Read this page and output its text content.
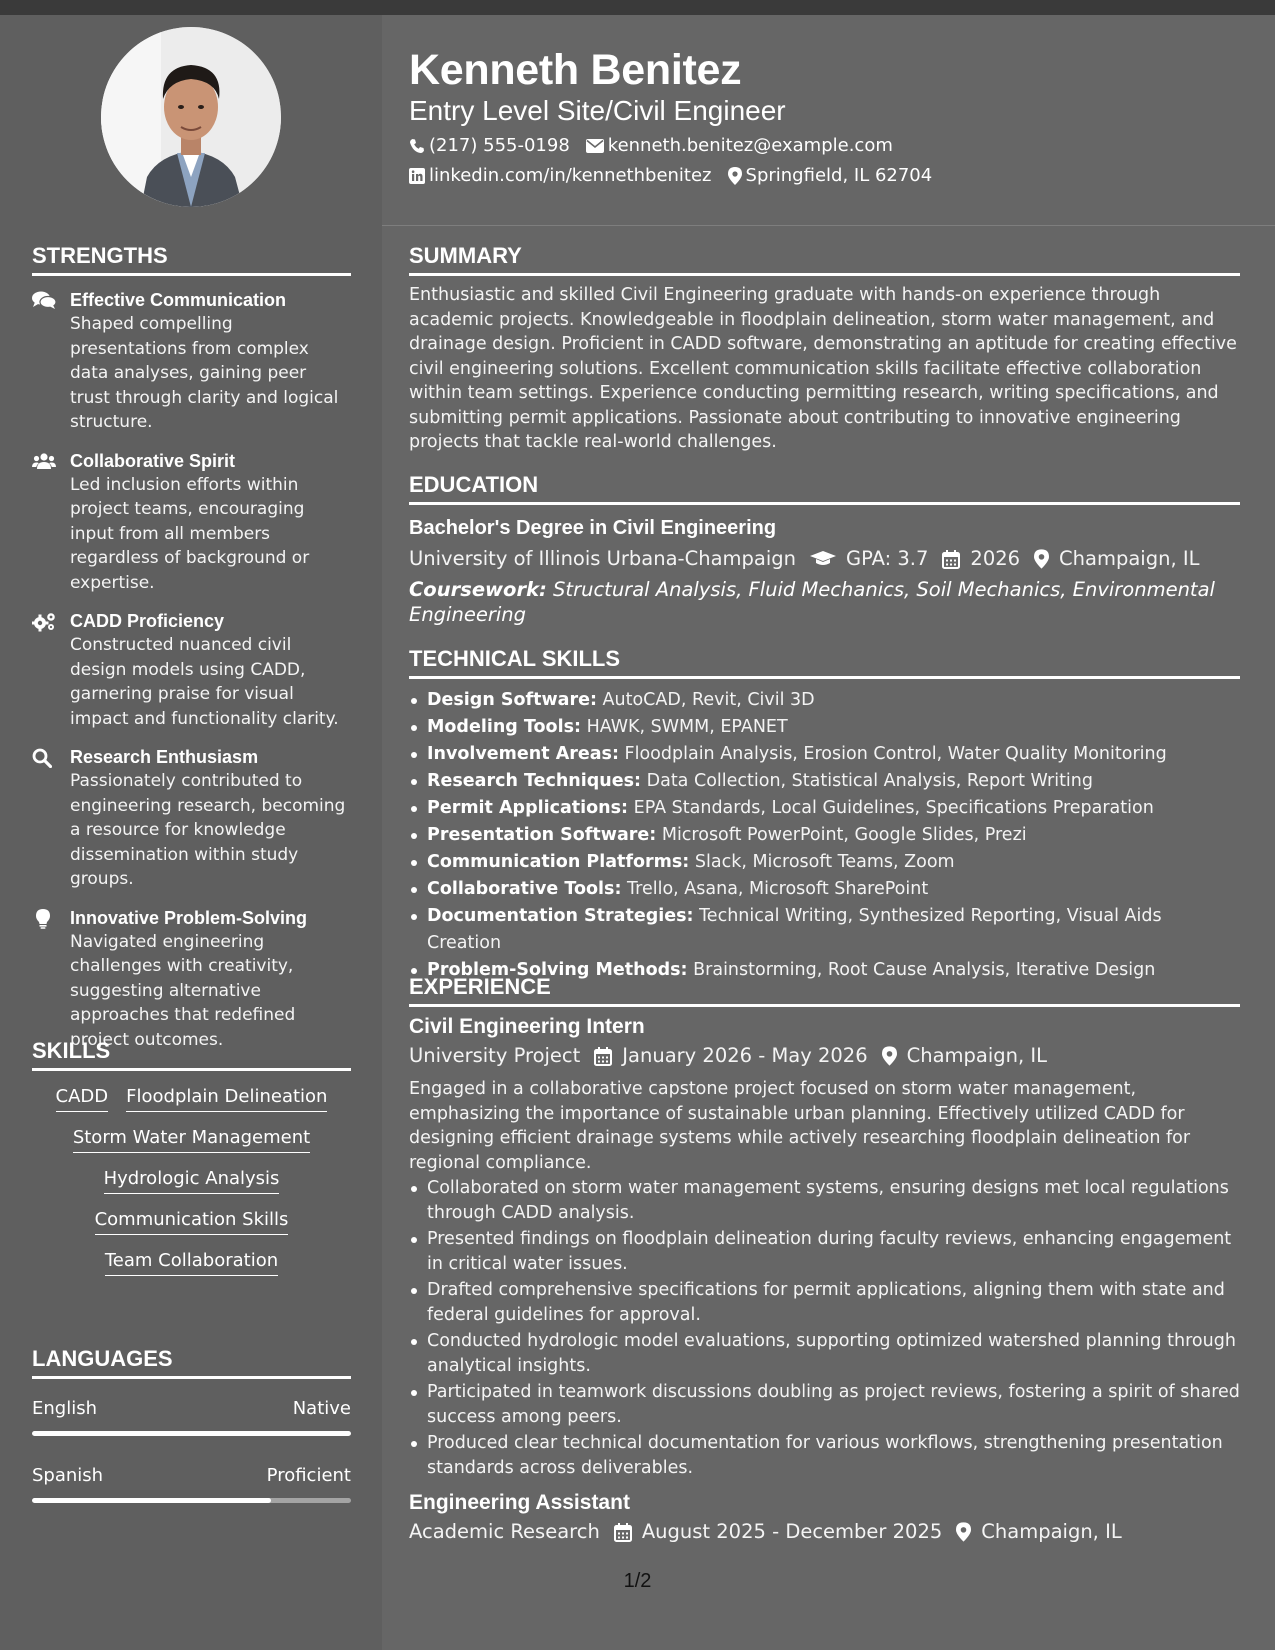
Kenneth Benitez
Entry Level Site/Civil Engineer
(217) 555-0198 kenneth.benitez@example.com
linkedin.com/in/kennethbenitez Springfield, IL 62704
STRENGTHS
Effective Communication
Shaped compelling presentations from complex data analyses, gaining peer trust through clarity and logical structure.
Collaborative Spirit
Led inclusion efforts within project teams, encouraging input from all members regardless of background or expertise.
CADD Proficiency
Constructed nuanced civil design models using CADD, garnering praise for visual impact and functionality clarity.
Research Enthusiasm
Passionately contributed to engineering research, becoming a resource for knowledge dissemination within study groups.
Innovative Problem-Solving
Navigated engineering challenges with creativity, suggesting alternative approaches that redefined project outcomes.
SKILLS
CADD Floodplain Delineation
Storm Water Management
Hydrologic Analysis
Communication Skills
Team Collaboration
LANGUAGES
English	Native
Spanish	Proficient
SUMMARY
Enthusiastic and skilled Civil Engineering graduate with hands-on experience through academic projects. Knowledgeable in floodplain delineation, storm water management, and drainage design. Proficient in CADD software, demonstrating an aptitude for creating effective civil engineering solutions. Excellent communication skills facilitate effective collaboration within team settings. Experience conducting permitting research, writing specifications, and submitting permit applications. Passionate about contributing to innovative engineering projects that tackle real-world challenges.
EDUCATION
Bachelor's Degree in Civil Engineering
University of Illinois Urbana-Champaign	GPA: 3.7 2026 Champaign, IL
Coursework: Structural Analysis, Fluid Mechanics, Soil Mechanics, Environmental Engineering
TECHNICAL SKILLS
Design Software: AutoCAD, Revit, Civil 3D
Modeling Tools: HAWK, SWMM, EPANET
Involvement Areas: Floodplain Analysis, Erosion Control, Water Quality Monitoring
Research Techniques: Data Collection, Statistical Analysis, Report Writing
Permit Applications: EPA Standards, Local Guidelines, Specifications Preparation
Presentation Software: Microsoft PowerPoint, Google Slides, Prezi
Communication Platforms: Slack, Microsoft Teams, Zoom
Collaborative Tools: Trello, Asana, Microsoft SharePoint
Documentation Strategies: Technical Writing, Synthesized Reporting, Visual Aids Creation
Problem-Solving Methods: Brainstorming, Root Cause Analysis, Iterative Design
EXPERIENCE
Civil Engineering Intern
University Project January 2026 - May 2026 Champaign, IL
Engaged in a collaborative capstone project focused on storm water management, emphasizing the importance of sustainable urban planning. Effectively utilized CADD for designing efficient drainage systems while actively researching floodplain delineation for regional compliance.
Collaborated on storm water management systems, ensuring designs met local regulations through CADD analysis.
Presented findings on floodplain delineation during faculty reviews, enhancing engagement in critical water issues.
Drafted comprehensive specifications for permit applications, aligning them with state and federal guidelines for approval.
Conducted hydrologic model evaluations, supporting optimized watershed planning through analytical insights.
Participated in teamwork discussions doubling as project reviews, fostering a spirit of shared success among peers.
Produced clear technical documentation for various workflows, strengthening presentation standards across deliverables.
Engineering Assistant
Academic Research August 2025 - December 2025 Champaign, IL
1/2
